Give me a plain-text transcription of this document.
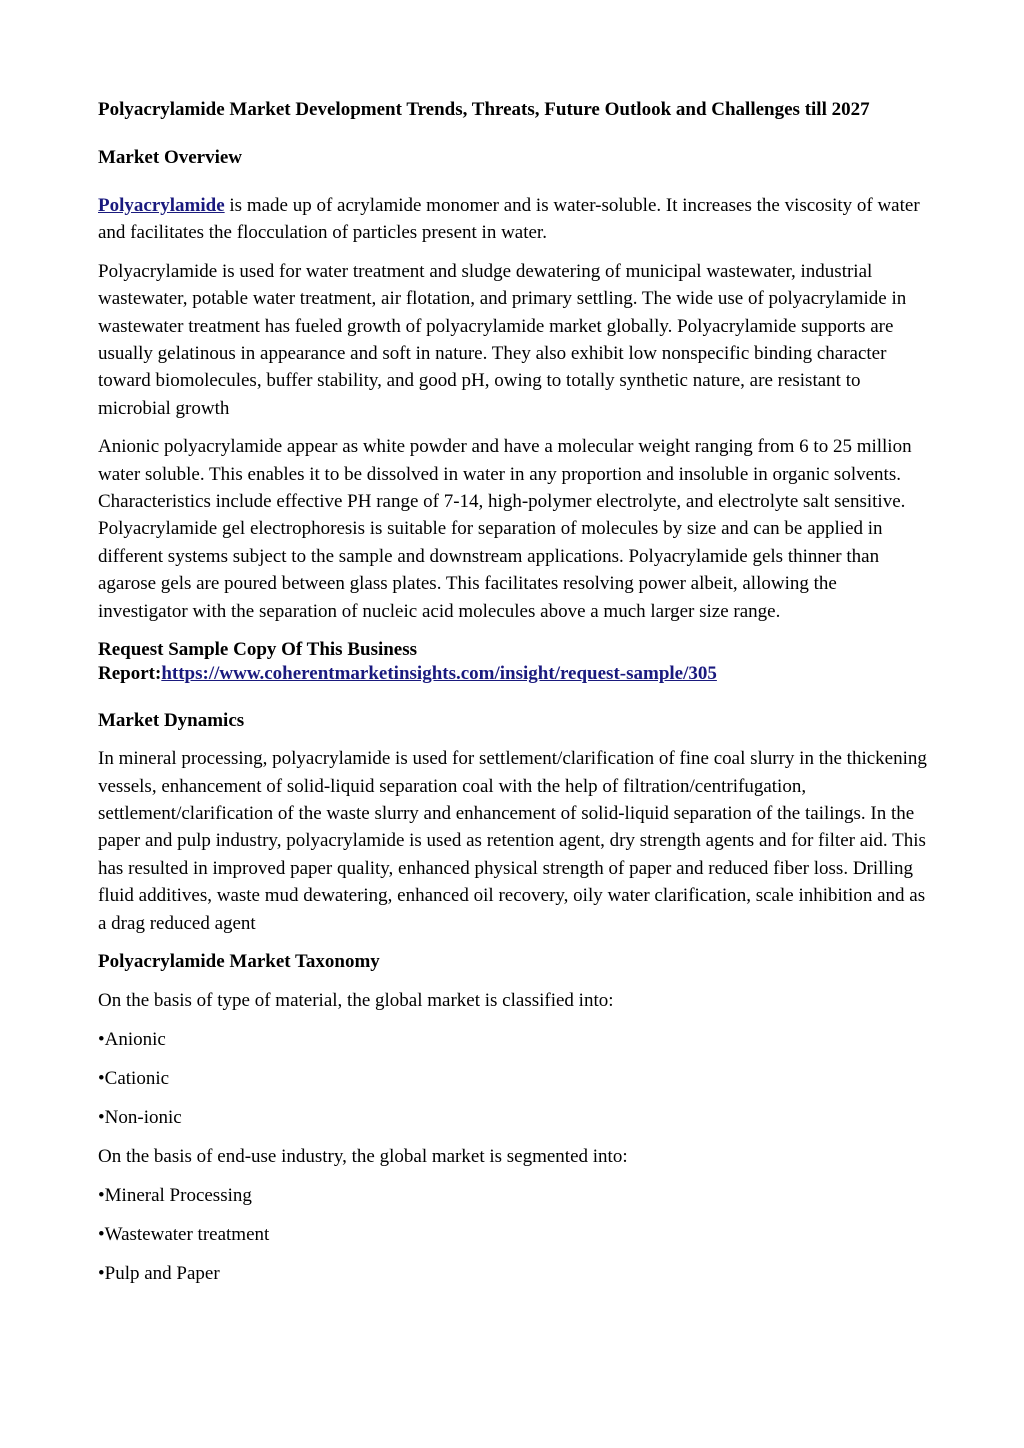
Polyacrylamide Market Development Trends, Threats, Future Outlook and Challenges till 2027
Market Overview

Polyacrylamide is made up of acrylamide monomer and is water-soluble. It increases the viscosity of water and facilitates the flocculation of particles present in water.

Polyacrylamide is used for water treatment and sludge dewatering of municipal wastewater, industrial wastewater, potable water treatment, air flotation, and primary settling. The wide use of polyacrylamide in wastewater treatment has fueled growth of polyacrylamide market globally. Polyacrylamide supports are usually gelatinous in appearance and soft in nature. They also exhibit low nonspecific binding character toward biomolecules, buffer stability, and good pH, owing to totally synthetic nature, are resistant to microbial growth

Anionic polyacrylamide appear as white powder and have a molecular weight ranging from 6 to 25 million water soluble. This enables it to be dissolved in water in any proportion and insoluble in organic solvents. Characteristics include effective PH range of 7-14, high-polymer electrolyte, and electrolyte salt sensitive. Polyacrylamide gel electrophoresis is suitable for separation of molecules by size and can be applied in different systems subject to the sample and downstream applications. Polyacrylamide gels thinner than agarose gels are poured between glass plates. This facilitates resolving power albeit, allowing the investigator with the separation of nucleic acid molecules above a much larger size range.

Request Sample Copy Of This Business Report:https://www.coherentmarketinsights.com/insight/request-sample/305
Market Dynamics

In mineral processing, polyacrylamide is used for settlement/clarification of fine coal slurry in the thickening vessels, enhancement of solid-liquid separation coal with the help of filtration/centrifugation, settlement/clarification of the waste slurry and enhancement of solid-liquid separation of the tailings. In the paper and pulp industry, polyacrylamide is used as retention agent, dry strength agents and for filter aid. This has resulted in improved paper quality, enhanced physical strength of paper and reduced fiber loss. Drilling fluid additives, waste mud dewatering, enhanced oil recovery, oily water clarification, scale inhibition and as a drag reduced agent

Polyacrylamide Market Taxonomy

On the basis of type of material, the global market is classified into:

•Anionic

•Cationic

•Non-ionic

On the basis of end-use industry, the global market is segmented into:

•Mineral Processing

•Wastewater treatment

•Pulp and Paper
